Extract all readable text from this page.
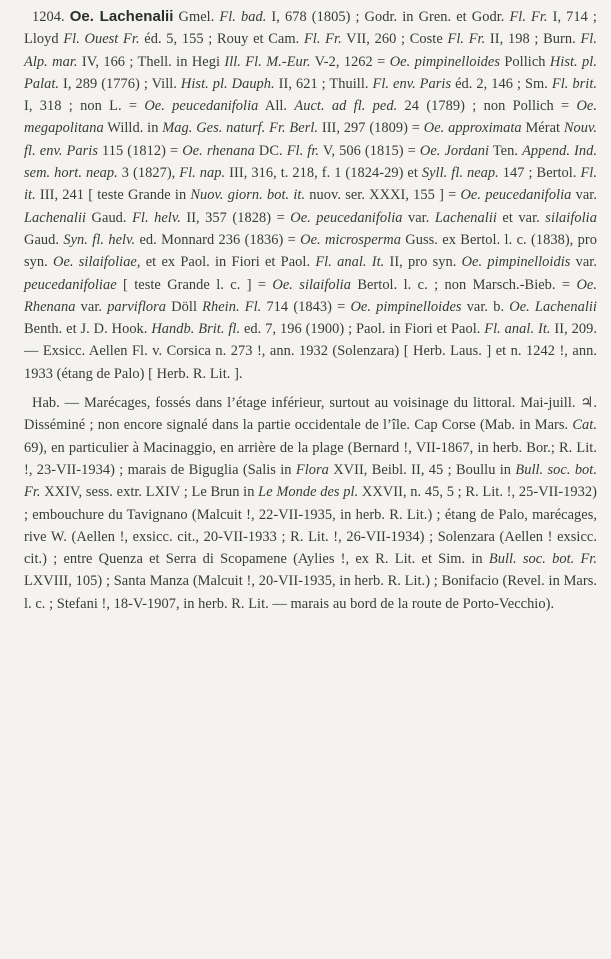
1204. Oe. Lachenalii Gmel. Fl. bad. I, 678 (1805) ; Godr. in Gren. et Godr. Fl. Fr. I, 714 ; Lloyd Fl. Ouest Fr. éd. 5, 155 ; Rouy et Cam. Fl. Fr. VII, 260 ; Coste Fl. Fr. II, 198 ; Burn. Fl. Alp. mar. IV, 166 ; Thell. in Hegi Ill. Fl. M.-Eur. V-2, 1262 = Oe. pimpinelloides Pollich Hist. pl. Palat. I, 289 (1776) ; Vill. Hist. pl. Dauph. II, 621 ; Thuill. Fl. env. Paris éd. 2, 146 ; Sm. Fl. brit. I, 318 ; non L. = Oe. peucedanifolia All. Auct. ad fl. ped. 24 (1789) ; non Pollich = Oe. megapolitana Willd. in Mag. Ges. naturf. Fr. Berl. III, 297 (1809) = Oe. approximata Mérat Nouv. fl. env. Paris 115 (1812) = Oe. rhenana DC. Fl. fr. V, 506 (1815) = Oe. Jordani Ten. Append. Ind. sem. hort. neap. 3 (1827), Fl. nap. III, 316, t. 218, f. 1 (1824-29) et Syll. fl. neap. 147 ; Bertol. Fl. it. III, 241 [ teste Grande in Nuov. giorn. bot. it. nuov. ser. XXXI, 155 ] = Oe. peucedanifolia var. Lachenalii Gaud. Fl. helv. II, 357 (1828) = Oe. peucedanifolia var. Lachenalii et var. silaifolia Gaud. Syn. fl. helv. ed. Monnard 236 (1836) = Oe. microsperma Guss. ex Bertol. l. c. (1838), pro syn. Oe. silaifoliae, et ex Paol. in Fiori et Paol. Fl. anal. It. II, pro syn. Oe. pimpinelloidis var. peucedanifoliae [ teste Grande l. c. ] = Oe. silaifolia Bertol. l. c. ; non Marsch.-Bieb. = Oe. Rhenana var. parviflora Döll Rhein. Fl. 714 (1843) = Oe. pimpinelloides var. b. Oe. Lachenalii Benth. et J. D. Hook. Handb. Brit. fl. ed. 7, 196 (1900) ; Paol. in Fiori et Paol. Fl. anal. It. II, 209. — Exsicc. Aellen Fl. v. Corsica n. 273 !, ann. 1932 (Solenzara) [ Herb. Laus. ] et n. 1242 !, ann. 1933 (étang de Palo) [ Herb. R. Lit. ].

Hab. — Marécages, fossés dans l’étage inférieur, surtout au voisinage du littoral. Mai-juill. ♃. Disséminé ; non encore signalé dans la partie occidentale de l’île. Cap Corse (Mab. in Mars. Cat. 69), en particulier à Macinaggio, en arrière de la plage (Bernard !, VII-1867, in herb. Bor.; R. Lit. !, 23-VII-1934) ; marais de Biguglia (Salis in Flora XVII, Beibl. II, 45 ; Boullu in Bull. soc. bot. Fr. XXIV, sess. extr. LXIV ; Le Brun in Le Monde des pl. XXVII, n. 45, 5 ; R. Lit. !, 25-VII-1932) ; embouchure du Tavignano (Malcuit !, 22-VII-1935, in herb. R. Lit.) ; étang de Palo, marécages, rive W. (Aellen !, exsicc. cit., 20-VII-1933 ; R. Lit. !, 26-VII-1934) ; Solenzara (Aellen ! exsicc. cit.) ; entre Quenza et Serra di Scopamene (Aylies !, ex R. Lit. et Sim. in Bull. soc. bot. Fr. LXVIII, 105) ; Santa Manza (Malcuit !, 20-VII-1935, in herb. R. Lit.) ; Bonifacio (Revel. in Mars. l. c. ; Stefani !, 18-V-1907, in herb. R. Lit. — marais au bord de la route de Porto-Vecchio).
